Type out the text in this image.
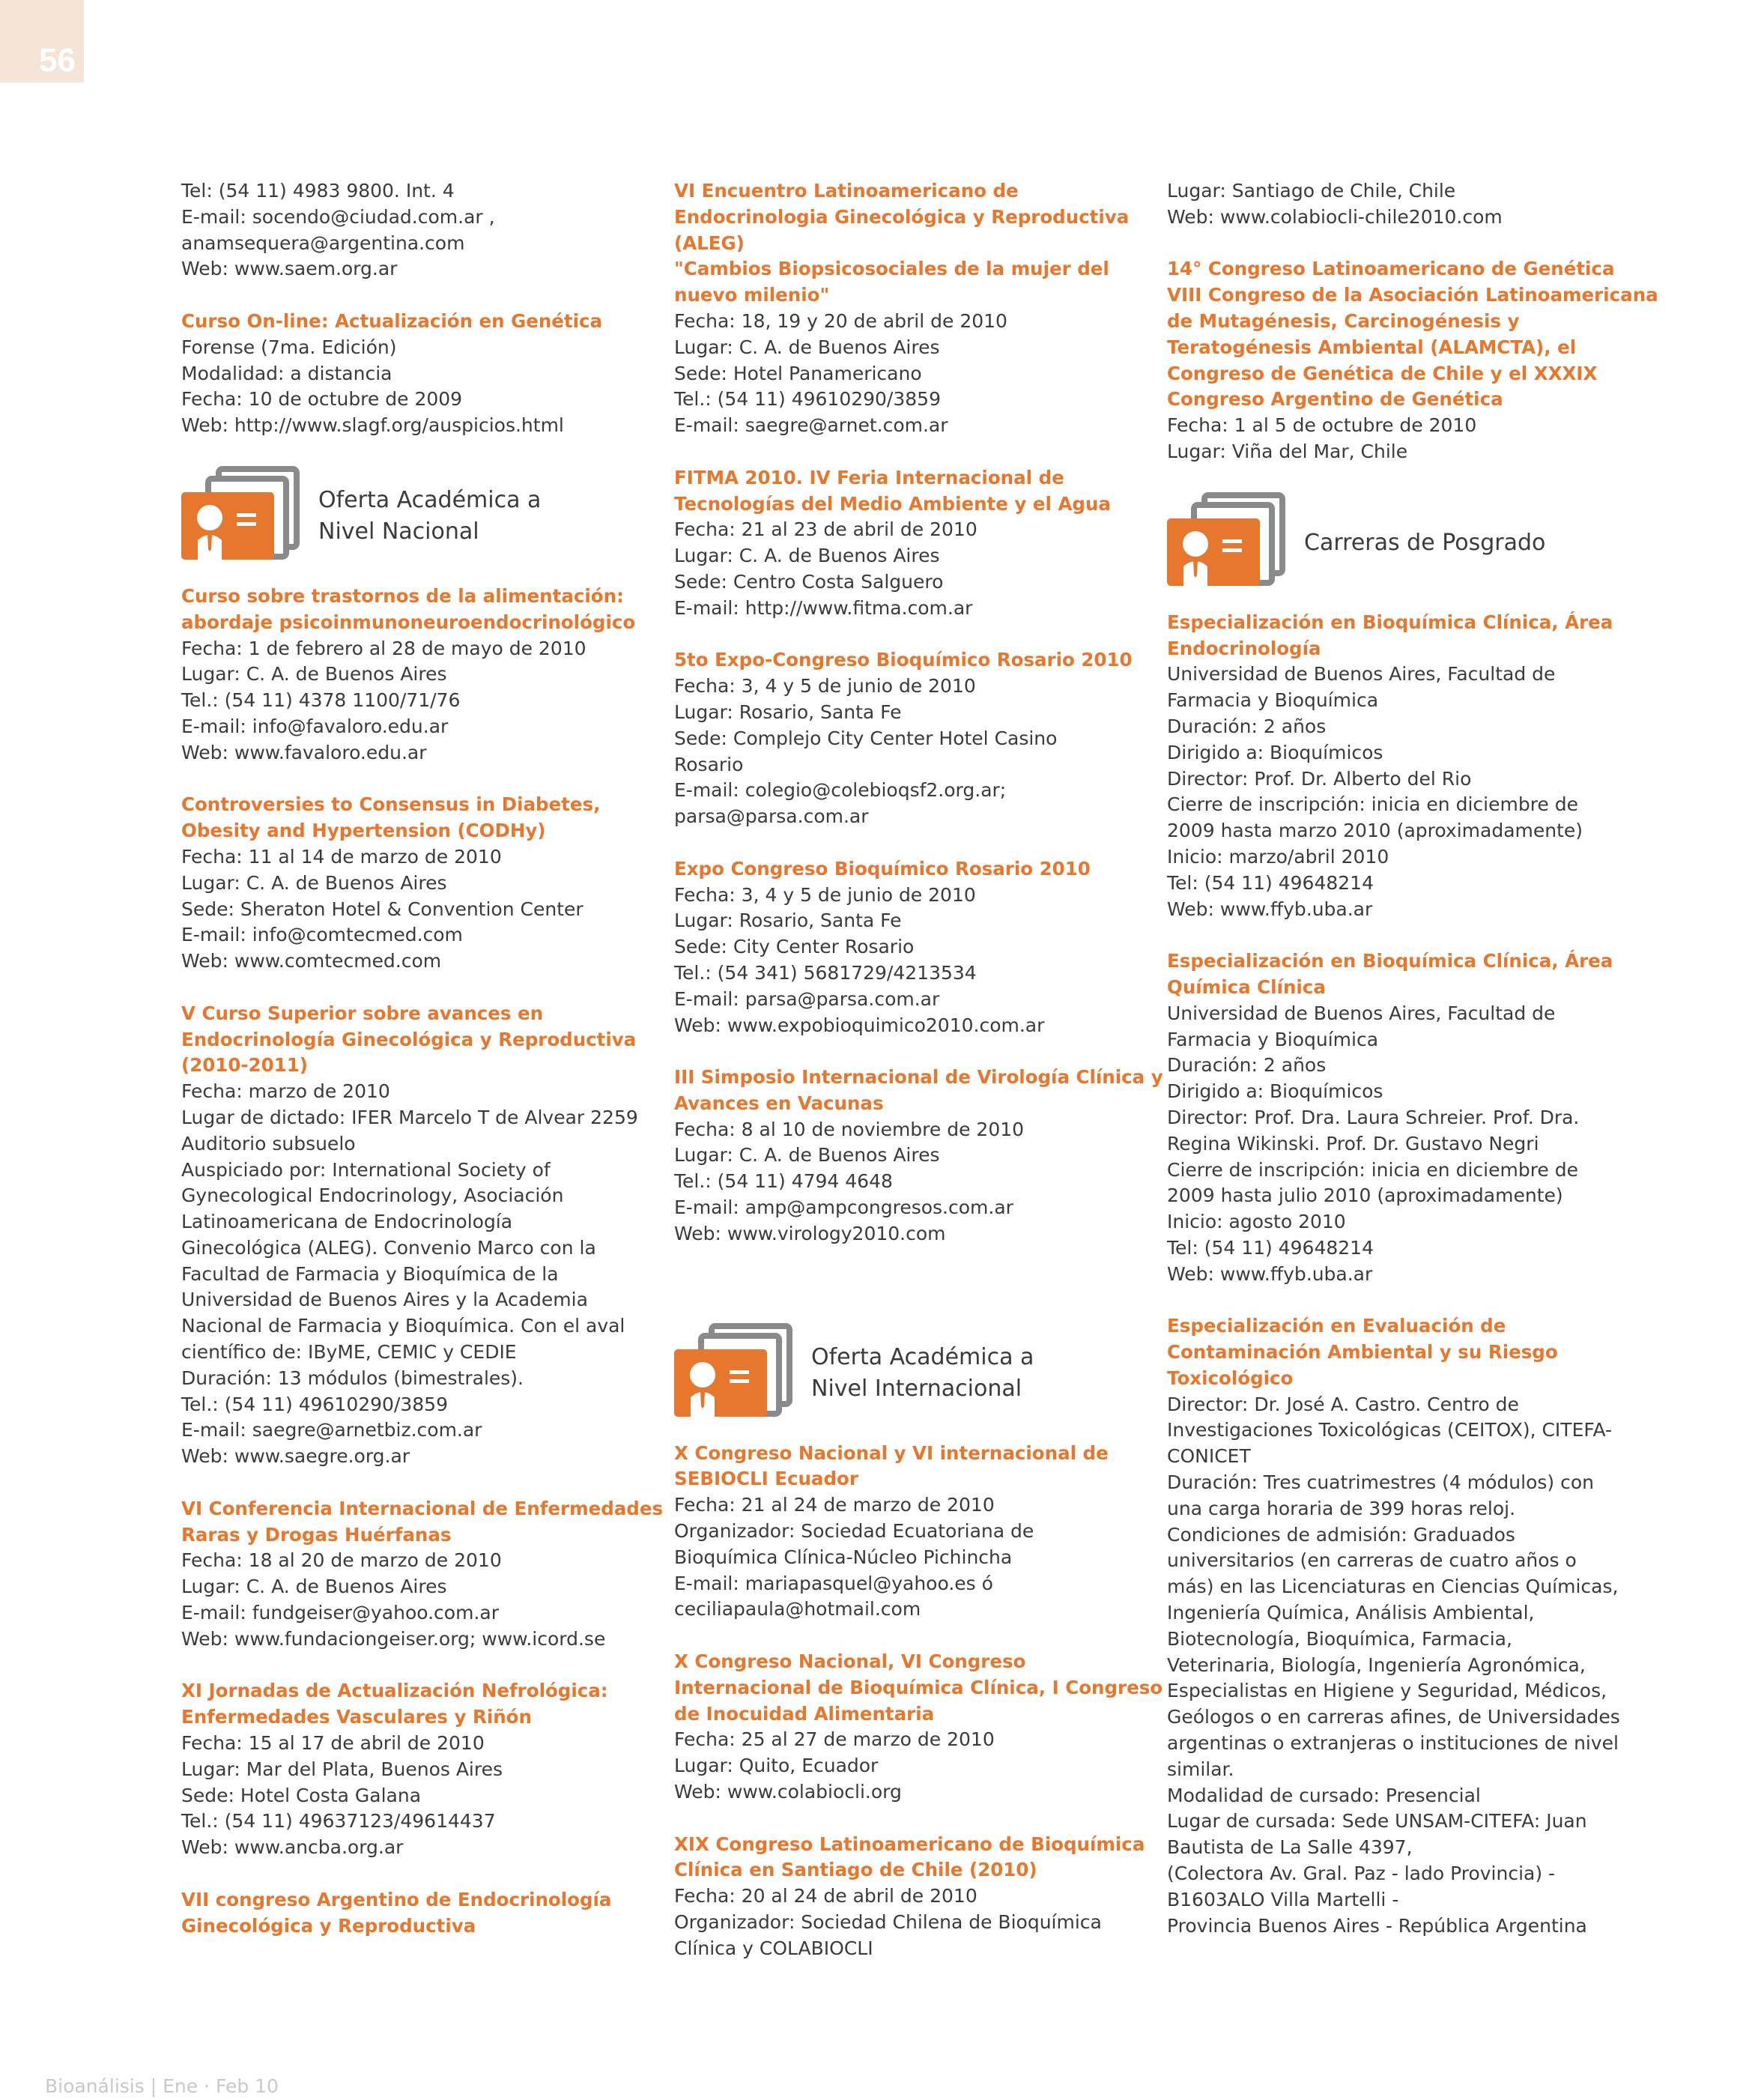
56
Tel: (54 11) 4983 9800. Int. 4
E-mail: socendo@ciudad.com.ar ,
anamsequera@argentina.com
Web: www.saem.org.ar
Curso On-line: Actualización en Genética
Forense (7ma. Edición)
Modalidad: a distancia
Fecha: 10 de octubre de 2009
Web: http://www.slagf.org/auspicios.html
Oferta Académica a
Nivel Nacional
Curso sobre trastornos de la alimentación:
abordaje psicoinmunoneuroendocrinológico
Fecha: 1 de febrero al 28 de mayo de 2010
Lugar: C. A. de Buenos Aires
Tel.: (54 11) 4378 1100/71/76
E-mail: info@favaloro.edu.ar
Web: www.favaloro.edu.ar
Controversies to Consensus in Diabetes,
Obesity and Hypertension (CODHy)
Fecha: 11 al 14 de marzo de 2010
Lugar: C. A. de Buenos Aires
Sede: Sheraton Hotel & Convention Center
E-mail: info@comtecmed.com
Web: www.comtecmed.com
V Curso Superior sobre avances en
Endocrinología Ginecológica y Reproductiva
(2010-2011)
Fecha: marzo de 2010
Lugar de dictado: IFER Marcelo T de Alvear 2259
Auditorio subsuelo
Auspiciado por: International Society of
Gynecological Endocrinology, Asociación
Latinoamericana de Endocrinología
Ginecológica (ALEG). Convenio Marco con la
Facultad de Farmacia y Bioquímica de la
Universidad de Buenos Aires y la Academia
Nacional de Farmacia y Bioquímica. Con el aval
científico de: IByME, CEMIC y CEDIE
Duración: 13 módulos (bimestrales).
Tel.: (54 11) 49610290/3859
E-mail: saegre@arnetbiz.com.ar
Web: www.saegre.org.ar
VI Conferencia Internacional de Enfermedades
Raras y Drogas Huérfanas
Fecha: 18 al 20 de marzo de 2010
Lugar: C. A. de Buenos Aires
E-mail: fundgeiser@yahoo.com.ar
Web: www.fundaciongeiser.org; www.icord.se
XI Jornadas de Actualización Nefrológica:
Enfermedades Vasculares y Riñón
Fecha: 15 al 17 de abril de 2010
Lugar: Mar del Plata, Buenos Aires
Sede: Hotel Costa Galana
Tel.: (54 11) 49637123/49614437
Web: www.ancba.org.ar
VII congreso Argentino de Endocrinología
Ginecológica y Reproductiva
VI Encuentro Latinoamericano de
Endocrinologia Ginecológica y Reproductiva
(ALEG)
"Cambios Biopsicosociales de la mujer del
nuevo milenio"
Fecha: 18, 19 y 20 de abril de 2010
Lugar: C. A. de Buenos Aires
Sede: Hotel Panamericano
Tel.: (54 11) 49610290/3859
E-mail: saegre@arnet.com.ar
FITMA 2010. IV Feria Internacional de
Tecnologías del Medio Ambiente y el Agua
Fecha: 21 al 23 de abril de 2010
Lugar: C. A. de Buenos Aires
Sede: Centro Costa Salguero
E-mail: http://www.fitma.com.ar
5to Expo-Congreso Bioquímico Rosario 2010
Fecha: 3, 4 y 5 de junio de 2010
Lugar: Rosario, Santa Fe
Sede: Complejo City Center Hotel Casino
Rosario
E-mail: colegio@colebioqsf2.org.ar;
parsa@parsa.com.ar
Expo Congreso Bioquímico Rosario 2010
Fecha: 3, 4 y 5 de junio de 2010
Lugar: Rosario, Santa Fe
Sede: City Center Rosario
Tel.: (54 341) 5681729/4213534
E-mail: parsa@parsa.com.ar
Web: www.expobioquimico2010.com.ar
III Simposio Internacional de Virología Clínica y
Avances en Vacunas
Fecha: 8 al 10 de noviembre de 2010
Lugar: C. A. de Buenos Aires
Tel.: (54 11) 4794 4648
E-mail: amp@ampcongresos.com.ar
Web: www.virology2010.com
Oferta Académica a
Nivel Internacional
X Congreso Nacional y VI internacional de
SEBIOCLI Ecuador
Fecha: 21 al 24 de marzo de 2010
Organizador: Sociedad Ecuatoriana de
Bioquímica Clínica-Núcleo Pichincha
E-mail: mariapasquel@yahoo.es ó
ceciliapaula@hotmail.com
X Congreso Nacional, VI Congreso
Internacional de Bioquímica Clínica, I Congreso
de Inocuidad Alimentaria
Fecha: 25 al 27 de marzo de 2010
Lugar: Quito, Ecuador
Web: www.colabiocli.org
XIX Congreso Latinoamericano de Bioquímica
Clínica en Santiago de Chile (2010)
Fecha: 20 al 24 de abril de 2010
Organizador: Sociedad Chilena de Bioquímica
Clínica y COLABIOCLI
Lugar: Santiago de Chile, Chile
Web: www.colabiocli-chile2010.com
14° Congreso Latinoamericano de Genética
VIII Congreso de la Asociación Latinoamericana
de Mutagénesis, Carcinogénesis y
Teratogénesis Ambiental (ALAMCTA), el
Congreso de Genética de Chile y el XXXIX
Congreso Argentino de Genética
Fecha: 1 al 5 de octubre de 2010
Lugar: Viña del Mar, Chile
Carreras de Posgrado
Especialización en Bioquímica Clínica, Área
Endocrinología
Universidad de Buenos Aires, Facultad de
Farmacia y Bioquímica
Duración: 2 años
Dirigido a: Bioquímicos
Director: Prof. Dr. Alberto del Rio
Cierre de inscripción: inicia en diciembre de
2009 hasta marzo 2010 (aproximadamente)
Inicio: marzo/abril 2010
Tel: (54 11) 49648214
Web: www.ffyb.uba.ar
Especialización en Bioquímica Clínica, Área
Química Clínica
Universidad de Buenos Aires, Facultad de
Farmacia y Bioquímica
Duración: 2 años
Dirigido a: Bioquímicos
Director: Prof. Dra. Laura Schreier. Prof. Dra.
Regina Wikinski. Prof. Dr. Gustavo Negri
Cierre de inscripción: inicia en diciembre de
2009 hasta julio 2010 (aproximadamente)
Inicio: agosto 2010
Tel: (54 11) 49648214
Web: www.ffyb.uba.ar
Especialización en Evaluación de
Contaminación Ambiental y su Riesgo
Toxicológico
Director: Dr. José A. Castro. Centro de
Investigaciones Toxicológicas (CEITOX), CITEFA-
CONICET
Duración: Tres cuatrimestres (4 módulos) con
una carga horaria de 399 horas reloj.
Condiciones de admisión: Graduados
universitarios (en carreras de cuatro años o
más) en las Licenciaturas en Ciencias Químicas,
Ingeniería Química, Análisis Ambiental,
Biotecnología, Bioquímica, Farmacia,
Veterinaria, Biología, Ingeniería Agronómica,
Especialistas en Higiene y Seguridad, Médicos,
Geólogos o en carreras afines, de Universidades
argentinas o extranjeras o instituciones de nivel
similar.
Modalidad de cursado: Presencial
Lugar de cursada: Sede UNSAM-CITEFA: Juan
Bautista de La Salle 4397,
(Colectora Av. Gral. Paz - lado Provincia) -
B1603ALO Villa Martelli -
Provincia Buenos Aires - República Argentina
Bioanálisis | Ene · Feb 10
